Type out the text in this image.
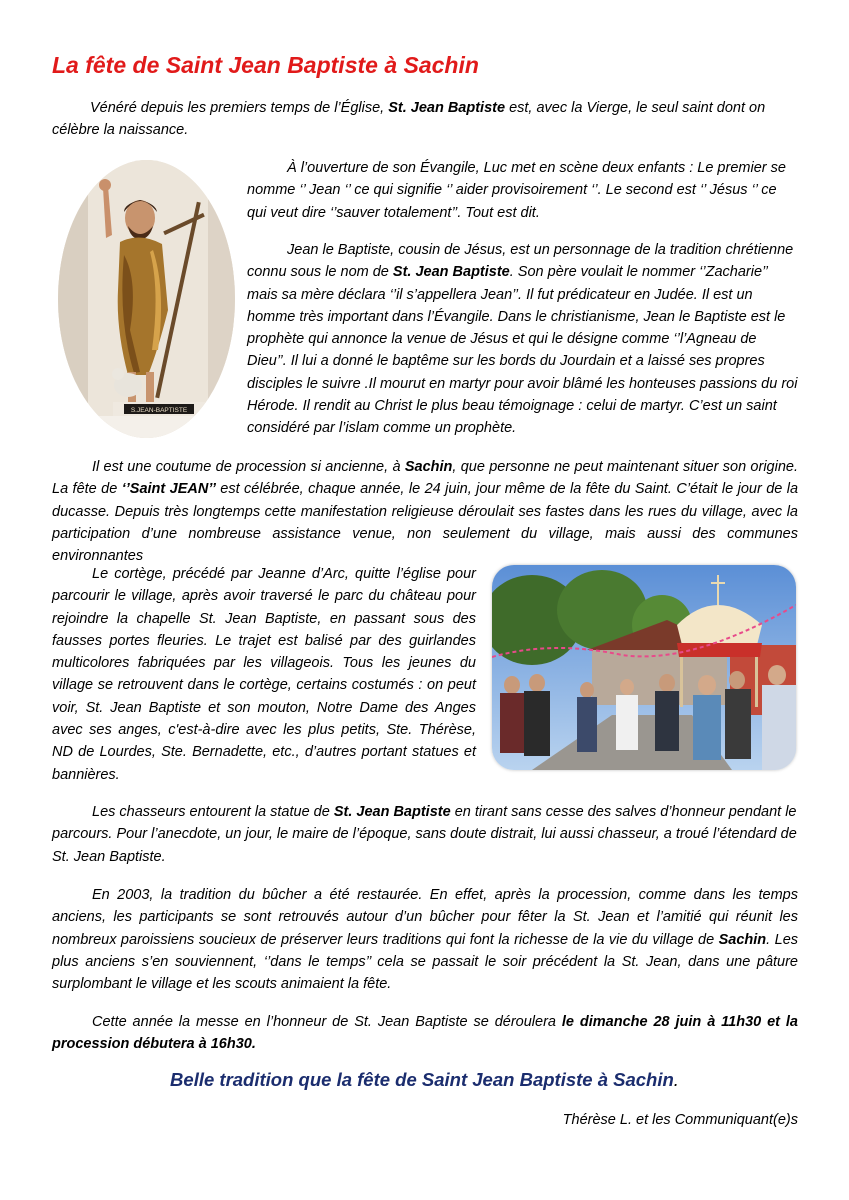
La fête de Saint Jean Baptiste à Sachin

Vénéré depuis les premiers temps de l’Église, St. Jean Baptiste est, avec la Vierge, le seul saint dont on célèbre la naissance.

S.JEAN-BAPTISTE

À l’ouverture de son Évangile, Luc met en scène deux enfants : Le premier se nomme ‘’ Jean ‘’ ce qui signifie ‘’ aider provisoirement ‘’. Le second est ‘’ Jésus ‘’ ce qui veut dire ‘’sauver totalement’’. Tout est dit.

Jean le Baptiste, cousin de Jésus, est un personnage de la tradition chrétienne connu sous le nom de St. Jean Baptiste. Son père voulait le nommer ‘’Zacharie’’ mais sa mère déclara ‘’il s’appellera Jean’’. Il fut prédicateur en Judée. Il est un homme très important dans l’Évangile. Dans le christianisme, Jean le Baptiste est le prophète qui annonce la venue de Jésus et qui le désigne comme ‘’l’Agneau de Dieu’’. Il lui a donné le baptême sur les bords du Jourdain et a laissé ses propres disciples le suivre .Il mourut en martyr pour avoir blâmé les honteuses passions du roi Hérode. Il rendit au Christ le plus beau témoignage : celui de martyr. C’est un saint considéré par l’islam comme un prophète.

Il est une coutume de procession si ancienne, à Sachin, que personne ne peut maintenant situer son origine. La fête de ‘’Saint JEAN’’ est célébrée, chaque année, le 24 juin, jour même de la fête du Saint. C’était le jour de la ducasse. Depuis très longtemps cette manifestation religieuse déroulait ses fastes dans les rues du village, avec la participation d’une nombreuse assistance venue, non seulement du village, mais aussi des communes environnantes

Le cortège, précédé par Jeanne d’Arc, quitte l’église pour parcourir le village, après avoir traversé le parc du château pour rejoindre la chapelle St. Jean Baptiste, en passant sous des fausses portes fleuries. Le trajet est balisé par des guirlandes multicolores fabriquées par les villageois. Tous les jeunes du village se retrouvent dans le cortège, certains costumés : on peut voir, St. Jean Baptiste et son mouton, Notre Dame des Anges avec ses anges, c'est-à-dire avec les plus petits, Ste. Thérèse, ND de Lourdes, Ste. Bernadette, etc., d’autres portant statues et bannières.

Les chasseurs entourent la statue de St. Jean Baptiste en tirant sans cesse des salves d’honneur pendant le parcours. Pour l’anecdote, un jour, le maire de l’époque, sans doute distrait, lui aussi chasseur, a troué l’étendard de St. Jean Baptiste.

En 2003, la tradition du bûcher a été restaurée. En effet, après la procession, comme dans les temps anciens, les participants se sont retrouvés autour d’un bûcher pour fêter la St. Jean et l’amitié qui réunit les nombreux paroissiens soucieux de préserver leurs traditions qui font la richesse de la vie du village de Sachin. Les plus anciens s’en souviennent, ‘’dans le temps’’ cela se passait le soir précédent la St. Jean, dans une pâture surplombant le village et les scouts animaient la fête.

Cette année la messe en l’honneur de St. Jean Baptiste se déroulera le dimanche 28 juin à 11h30 et la procession débutera à 16h30.

Belle tradition que la fête de Saint Jean Baptiste à Sachin.

Thérèse L. et les Communiquant(e)s
